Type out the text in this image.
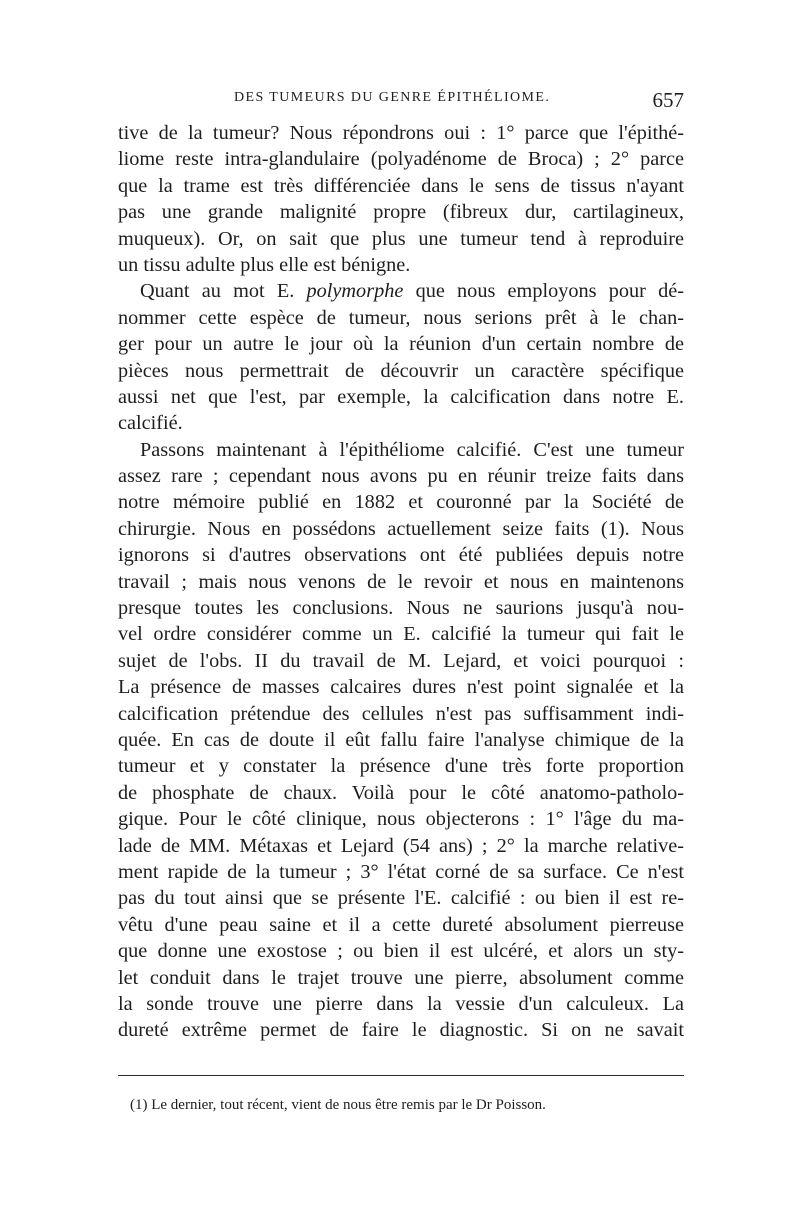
DES TUMEURS DU GENRE ÉPITHÉLIOME.	657
tive de la tumeur? Nous répondrons oui : 1° parce que l'épithé-
liome reste intra-glandulaire (polyadénome de Broca) ; 2° parce
que la trame est très différenciée dans le sens de tissus n'ayant
pas une grande malignité propre (fibreux dur, cartilagineux,
muqueux). Or, on sait que plus une tumeur tend à reproduire
un tissu adulte plus elle est bénigne.
Quant au mot E. polymorphe que nous employons pour dé-
nommer cette espèce de tumeur, nous serions prêt à le chan-
ger pour un autre le jour où la réunion d'un certain nombre de
pièces nous permettrait de découvrir un caractère spécifique
aussi net que l'est, par exemple, la calcification dans notre E.
calcifié.
Passons maintenant à l'épithéliome calcifié. C'est une tumeur
assez rare ; cependant nous avons pu en réunir treize faits dans
notre mémoire publié en 1882 et couronné par la Société de
chirurgie. Nous en possédons actuellement seize faits (1). Nous
ignorons si d'autres observations ont été publiées depuis notre
travail ; mais nous venons de le revoir et nous en maintenons
presque toutes les conclusions. Nous ne saurions jusqu'à nou-
vel ordre considérer comme un E. calcifié la tumeur qui fait le
sujet de l'obs. II du travail de M. Lejard, et voici pourquoi :
La présence de masses calcaires dures n'est point signalée et la
calcification prétendue des cellules n'est pas suffisamment indi-
quée. En cas de doute il eût fallu faire l'analyse chimique de la
tumeur et y constater la présence d'une très forte proportion
de phosphate de chaux. Voilà pour le côté anatomo-patholo-
gique. Pour le côté clinique, nous objecterons : 1° l'âge du ma-
lade de MM. Métaxas et Lejard (54 ans) ; 2° la marche relative-
ment rapide de la tumeur ; 3° l'état corné de sa surface. Ce n'est
pas du tout ainsi que se présente l'E. calcifié : ou bien il est re-
vêtu d'une peau saine et il a cette dureté absolument pierreuse
que donne une exostose ; ou bien il est ulcéré, et alors un sty-
let conduit dans le trajet trouve une pierre, absolument comme
la sonde trouve une pierre dans la vessie d'un calculeux. La
dureté extrême permet de faire le diagnostic. Si on ne savait
(1) Le dernier, tout récent, vient de nous être remis par le Dr Poisson.
